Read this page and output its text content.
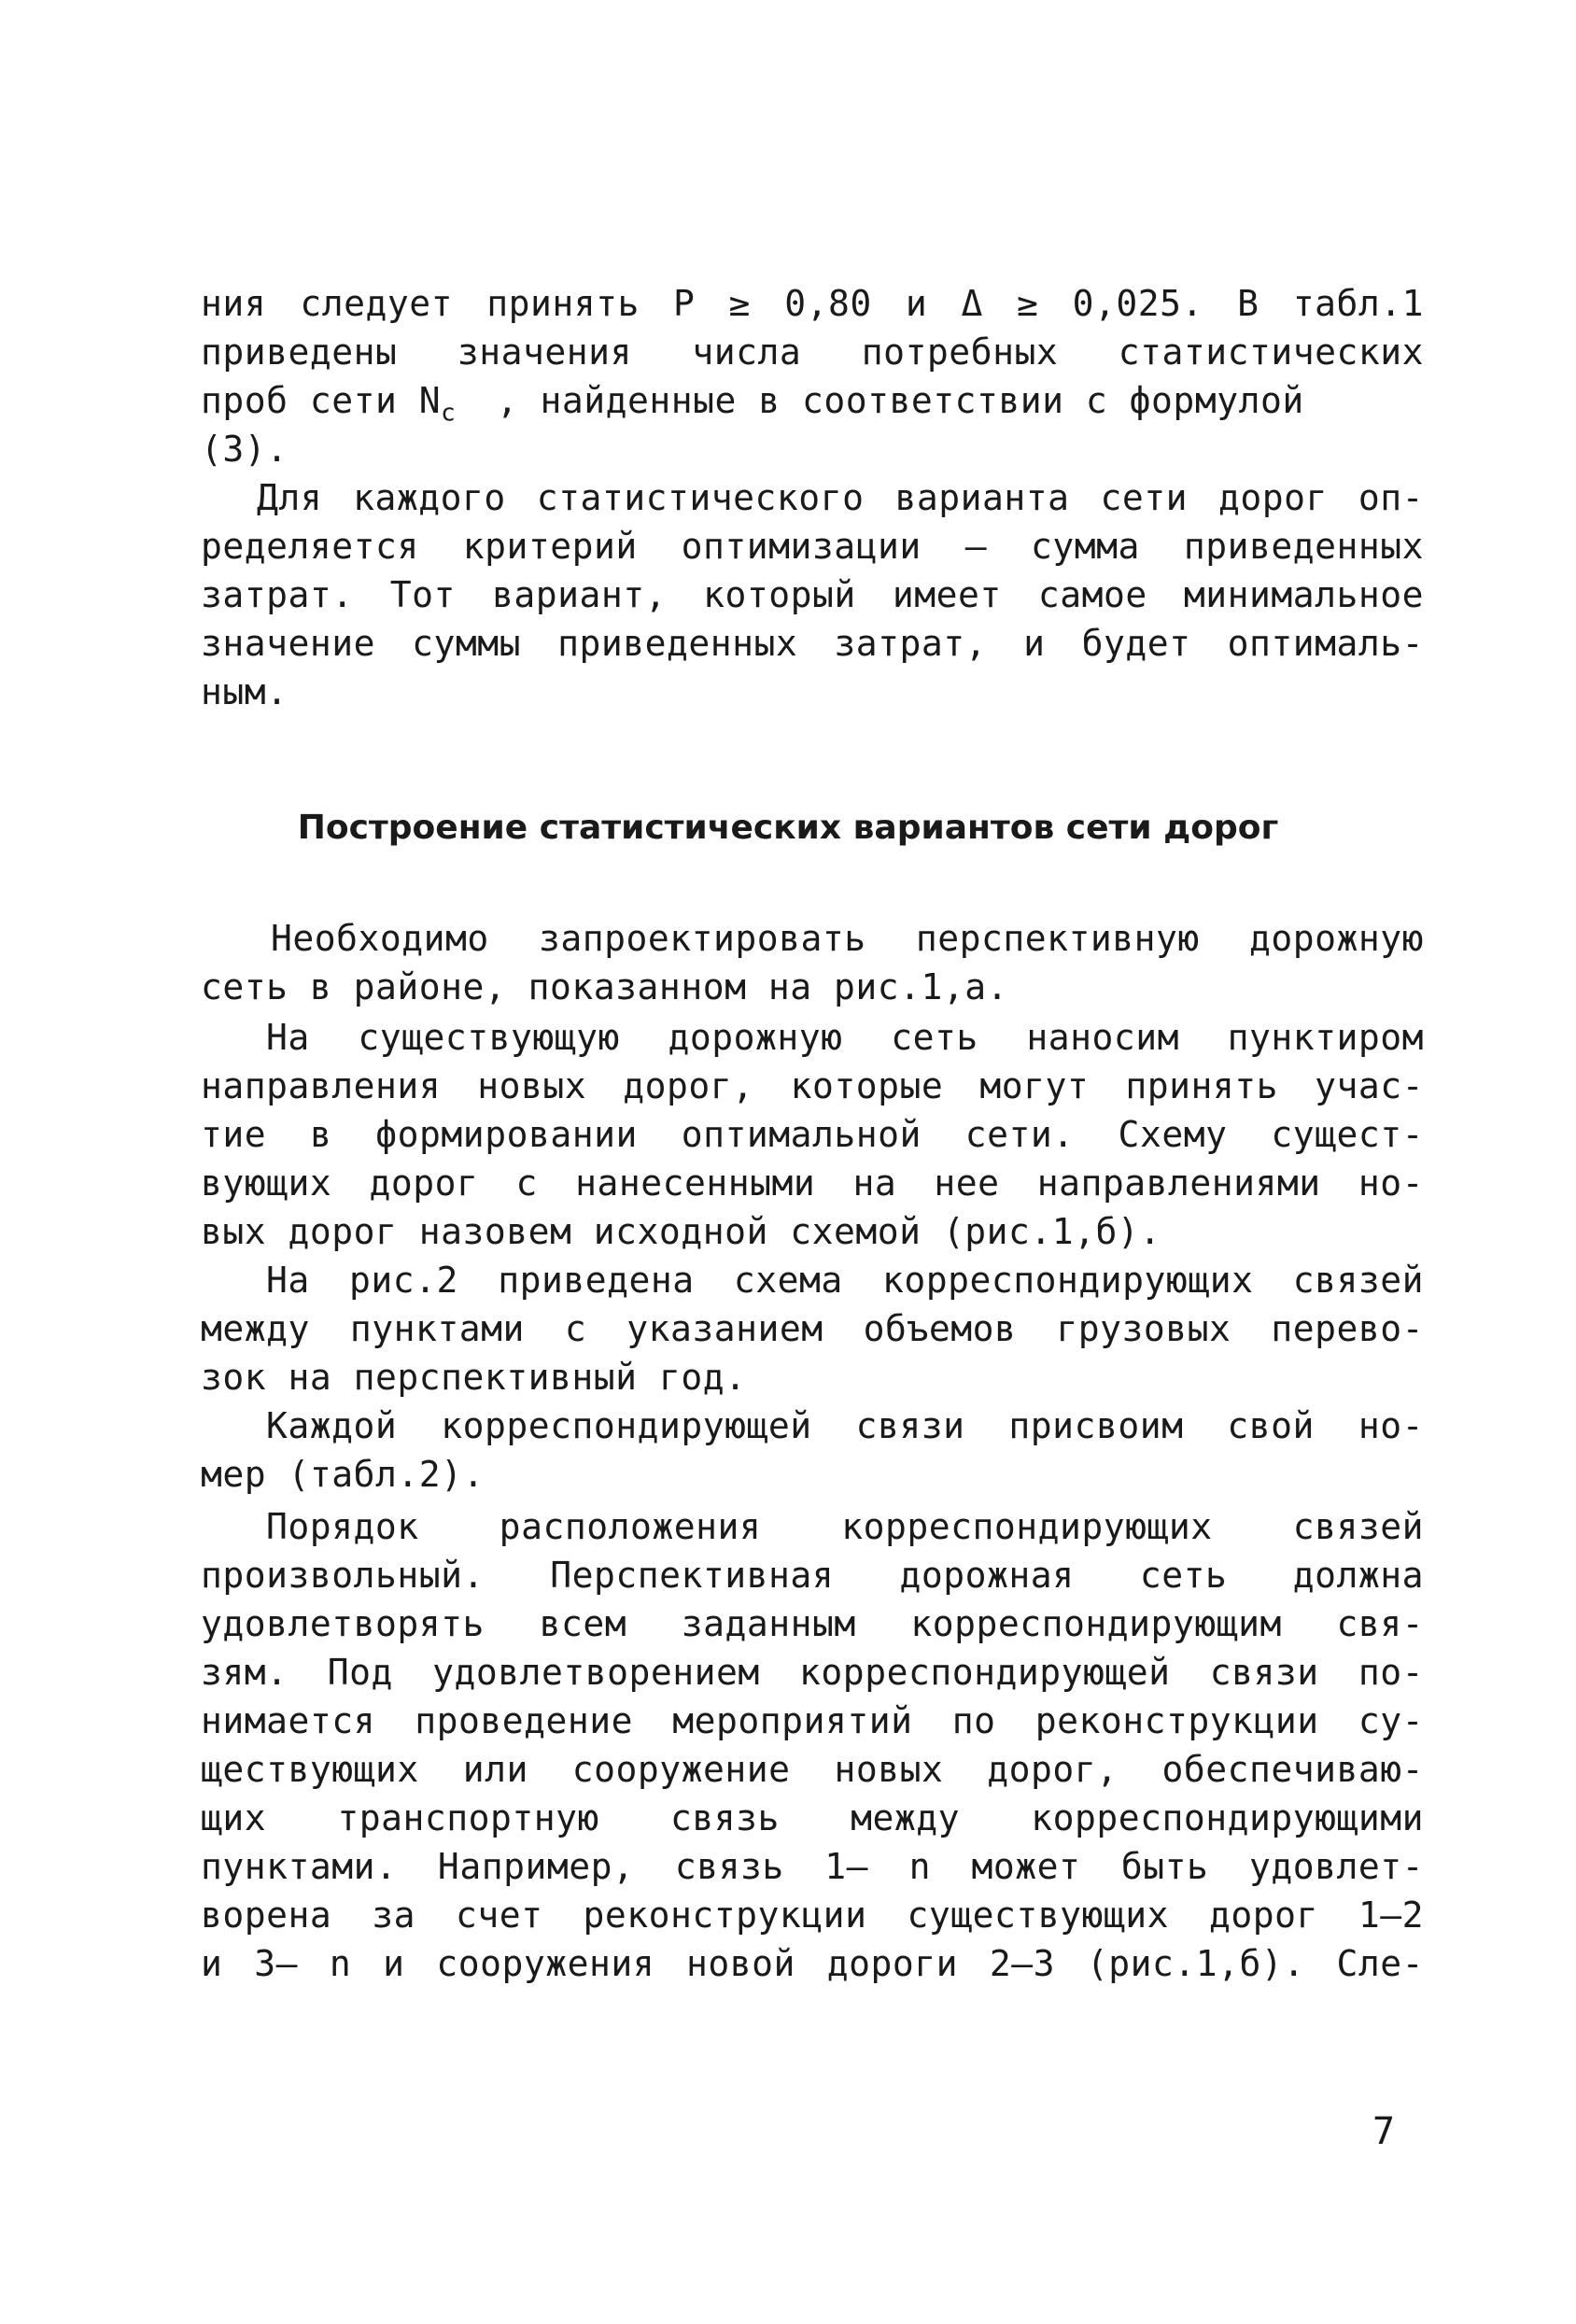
ния следует принять P ≥ 0,80 и Δ ≥ 0,025. В табл.1
приведены значения числа потребных статистических
проб сети $N_c$ , найденные в соответствии с формулой
(3).
Для каждого статистического варианта сети дорог оп-
ределяется критерий оптимизации – сумма приведенных
затрат. Тот вариант, который имеет самое минимальное
значение суммы приведенных затрат, и будет оптималь-
ным.
Построение статистических вариантов сети дорог
Необходимо запроектировать перспективную дорожную
сеть в районе, показанном на рис.1,а.
На существующую дорожную сеть наносим пунктиром
направления новых дорог, которые могут принять учас-
тие в формировании оптимальной сети. Схему сущест-
вующих дорог с нанесенными на нее направлениями но-
вых дорог назовем исходной схемой (рис.1,б).
На рис.2 приведена схема корреспондирующих связей
между пунктами с указанием объемов грузовых перево-
зок на перспективный год.
Каждой корреспондирующей связи присвоим свой но-
мер (табл.2).
Порядок расположения корреспондирующих связей
произвольный. Перспективная дорожная сеть должна
удовлетворять всем заданным корреспондирующим свя-
зям. Под удовлетворением корреспондирующей связи по-
нимается проведение мероприятий по реконструкции су-
ществующих или сооружение новых дорог, обеспечиваю-
щих транспортную связь между корреспондирующими
пунктами. Например, связь 1– n может быть удовлет-
ворена за счет реконструкции существующих дорог 1–2
и 3– n и сооружения новой дороги 2–3 (рис.1,б). Сле-
7
